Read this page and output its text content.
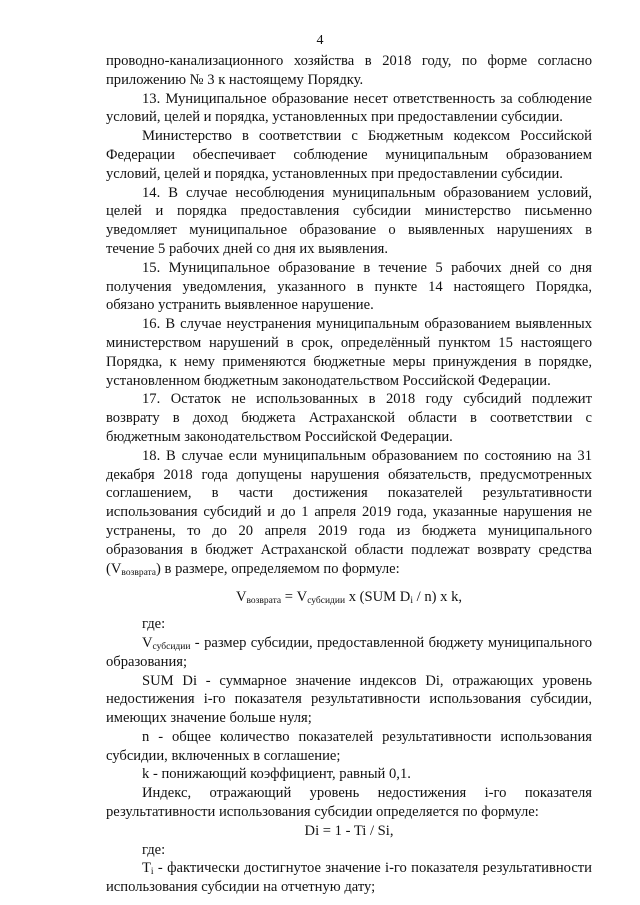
4

проводно-канализационного хозяйства в 2018 году, по форме согласно приложению № 3 к настоящему Порядку.

13. Муниципальное образование несет ответственность за соблюдение условий, целей и порядка, установленных при предоставлении субсидии.

Министерство в соответствии с Бюджетным кодексом Российской Федерации обеспечивает соблюдение муниципальным образованием условий, целей и порядка, установленных при предоставлении субсидии.

14. В случае несоблюдения муниципальным образованием условий, целей и порядка предоставления субсидии министерство письменно уведомляет муниципальное образование о выявленных нарушениях в течение 5 рабочих дней со дня их выявления.

15. Муниципальное образование в течение 5 рабочих дней со дня получения уведомления, указанного в пункте 14 настоящего Порядка, обязано устранить выявленное нарушение.

16. В случае неустранения муниципальным образованием выявленных министерством нарушений в срок, определённый пунктом 15 настоящего Порядка, к нему применяются бюджетные меры принуждения в порядке, установленном бюджетным законодательством Российской Федерации.

17. Остаток не использованных в 2018 году субсидий подлежит возврату в доход бюджета Астраханской области в соответствии с бюджетным законодательством Российской Федерации.

18. В случае если муниципальным образованием по состоянию на 31 декабря 2018 года допущены нарушения обязательств, предусмотренных соглашением, в части достижения показателей результативности использования субсидий и до 1 апреля 2019 года, указанные нарушения не устранены, то до 20 апреля 2019 года из бюджета муниципального образования в бюджет Астраханской области подлежат возврату средства $(V_{возврата})$ в размере, определяемом по формуле:

$V_{возврата} = V_{субсидии}$ x (SUM $D_i / n$) x k,

где:

$V_{субсидии}$ - размер субсидии, предоставленной бюджету муниципального образования;

SUM Di - суммарное значение индексов Di, отражающих уровень недостижения i-го показателя результативности использования субсидии, имеющих значение больше нуля;

n - общее количество показателей результативности использования субсидии, включенных в соглашение;

k - понижающий коэффициент, равный 0,1.

Индекс, отражающий уровень недостижения i-го показателя результативности использования субсидии определяется по формуле:

Di = 1 - Ti / Si,

где:

$T_i$ - фактически достигнутое значение i-го показателя результативности использования субсидии на отчетную дату;
